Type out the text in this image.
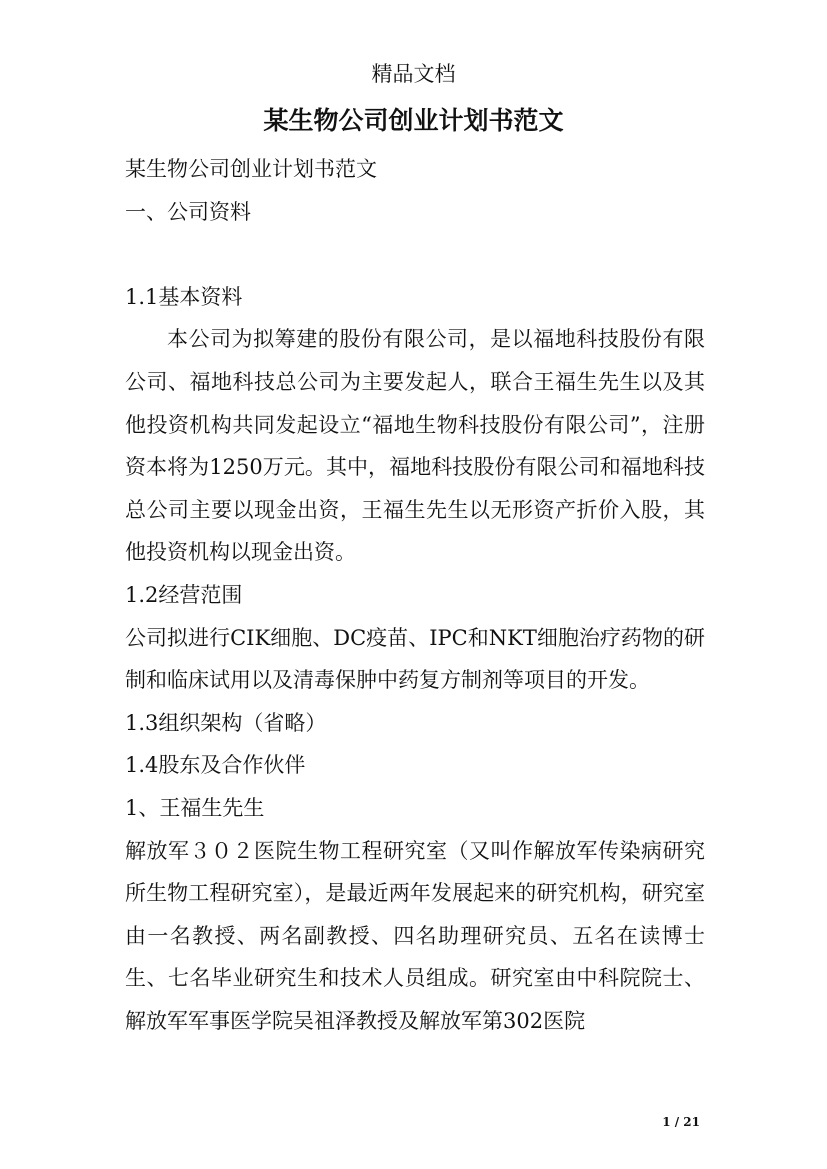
精品文档
某生物公司创业计划书范文

某生物公司创业计划书范文

一、公司资料

1.1基本资料

本公司为拟筹建的股份有限公司，是以福地科技股份有限公司、福地科技总公司为主要发起人，联合王福生先生以及其他投资机构共同发起设立“福地生物科技股份有限公司”，注册资本将为1250万元。其中，福地科技股份有限公司和福地科技总公司主要以现金出资，王福生先生以无形资产折价入股，其他投资机构以现金出资。

1.2经营范围

公司拟进行CIK细胞、DC疫苗、IPC和NKT细胞治疗药物的研制和临床试用以及清毒保肿中药复方制剂等项目的开发。

1.3组织架构（省略）

1.4股东及合作伙伴

1、王福生先生

解放军３０２医院生物工程研究室（又叫作解放军传染病研究所生物工程研究室），是最近两年发展起来的研究机构，研究室由一名教授、两名副教授、四名助理研究员、五名在读博士生、七名毕业研究生和技术人员组成。研究室由中科院院士、解放军军事医学院吴祖泽教授及解放军第302医院

1 / 21
